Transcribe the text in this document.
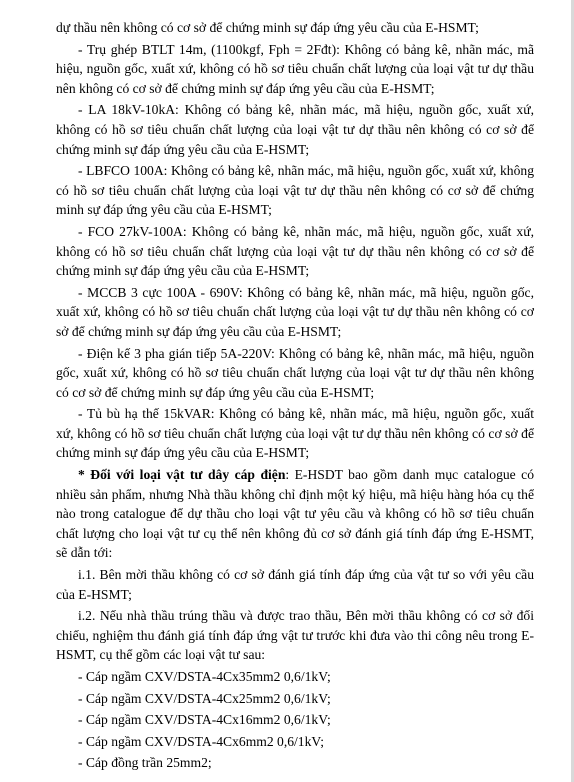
dự thầu nên không có cơ sở để chứng minh sự đáp ứng yêu cầu của E-HSMT;

- Trụ ghép BTLT 14m, (1100kgf, Fph = 2Fđt): Không có bảng kê, nhãn mác, mã hiệu, nguồn gốc, xuất xứ, không có hồ sơ tiêu chuẩn chất lượng của loại vật tư dự thầu nên không có cơ sở để chứng minh sự đáp ứng yêu cầu của E-HSMT;

- LA 18kV-10kA: Không có bảng kê, nhãn mác, mã hiệu, nguồn gốc, xuất xứ, không có hồ sơ tiêu chuẩn chất lượng của loại vật tư dự thầu nên không có cơ sở để chứng minh sự đáp ứng yêu cầu của E-HSMT;

- LBFCO 100A: Không có bảng kê, nhãn mác, mã hiệu, nguồn gốc, xuất xứ, không có hồ sơ tiêu chuẩn chất lượng của loại vật tư dự thầu nên không có cơ sở để chứng minh sự đáp ứng yêu cầu của E-HSMT;

- FCO 27kV-100A: Không có bảng kê, nhãn mác, mã hiệu, nguồn gốc, xuất xứ, không có hồ sơ tiêu chuẩn chất lượng của loại vật tư dự thầu nên không có cơ sở để chứng minh sự đáp ứng yêu cầu của E-HSMT;

- MCCB 3 cực 100A - 690V: Không có bảng kê, nhãn mác, mã hiệu, nguồn gốc, xuất xứ, không có hồ sơ tiêu chuẩn chất lượng của loại vật tư dự thầu nên không có cơ sở để chứng minh sự đáp ứng yêu cầu của E-HSMT;

- Điện kế 3 pha gián tiếp 5A-220V: Không có bảng kê, nhãn mác, mã hiệu, nguồn gốc, xuất xứ, không có hồ sơ tiêu chuẩn chất lượng của loại vật tư dự thầu nên không có cơ sở để chứng minh sự đáp ứng yêu cầu của E-HSMT;

- Tủ bù hạ thế 15kVAR: Không có bảng kê, nhãn mác, mã hiệu, nguồn gốc, xuất xứ, không có hồ sơ tiêu chuẩn chất lượng của loại vật tư dự thầu nên không có cơ sở để chứng minh sự đáp ứng yêu cầu của E-HSMT;

* Đối với loại vật tư dây cáp điện: E-HSDT bao gồm danh mục catalogue có nhiều sản phẩm, nhưng Nhà thầu không chỉ định một ký hiệu, mã hiệu hàng hóa cụ thể nào trong catalogue để dự thầu cho loại vật tư yêu cầu và không có hồ sơ tiêu chuẩn chất lượng cho loại vật tư cụ thể nên không đủ cơ sở đánh giá tính đáp ứng E-HSMT, sẽ dẫn tới:

i.1. Bên mời thầu không có cơ sở đánh giá tính đáp ứng của vật tư so với yêu cầu của E-HSMT;

i.2. Nếu nhà thầu trúng thầu và được trao thầu, Bên mời thầu không có cơ sở đối chiếu, nghiệm thu đánh giá tính đáp ứng vật tư trước khi đưa vào thi công nêu trong E-HSMT, cụ thể gồm các loại vật tư sau:

- Cáp ngầm CXV/DSTA-4Cx35mm2 0,6/1kV;

- Cáp ngầm CXV/DSTA-4Cx25mm2 0,6/1kV;

- Cáp ngầm CXV/DSTA-4Cx16mm2 0,6/1kV;

- Cáp ngầm CXV/DSTA-4Cx6mm2 0,6/1kV;

- Cáp đồng trần 25mm2;
